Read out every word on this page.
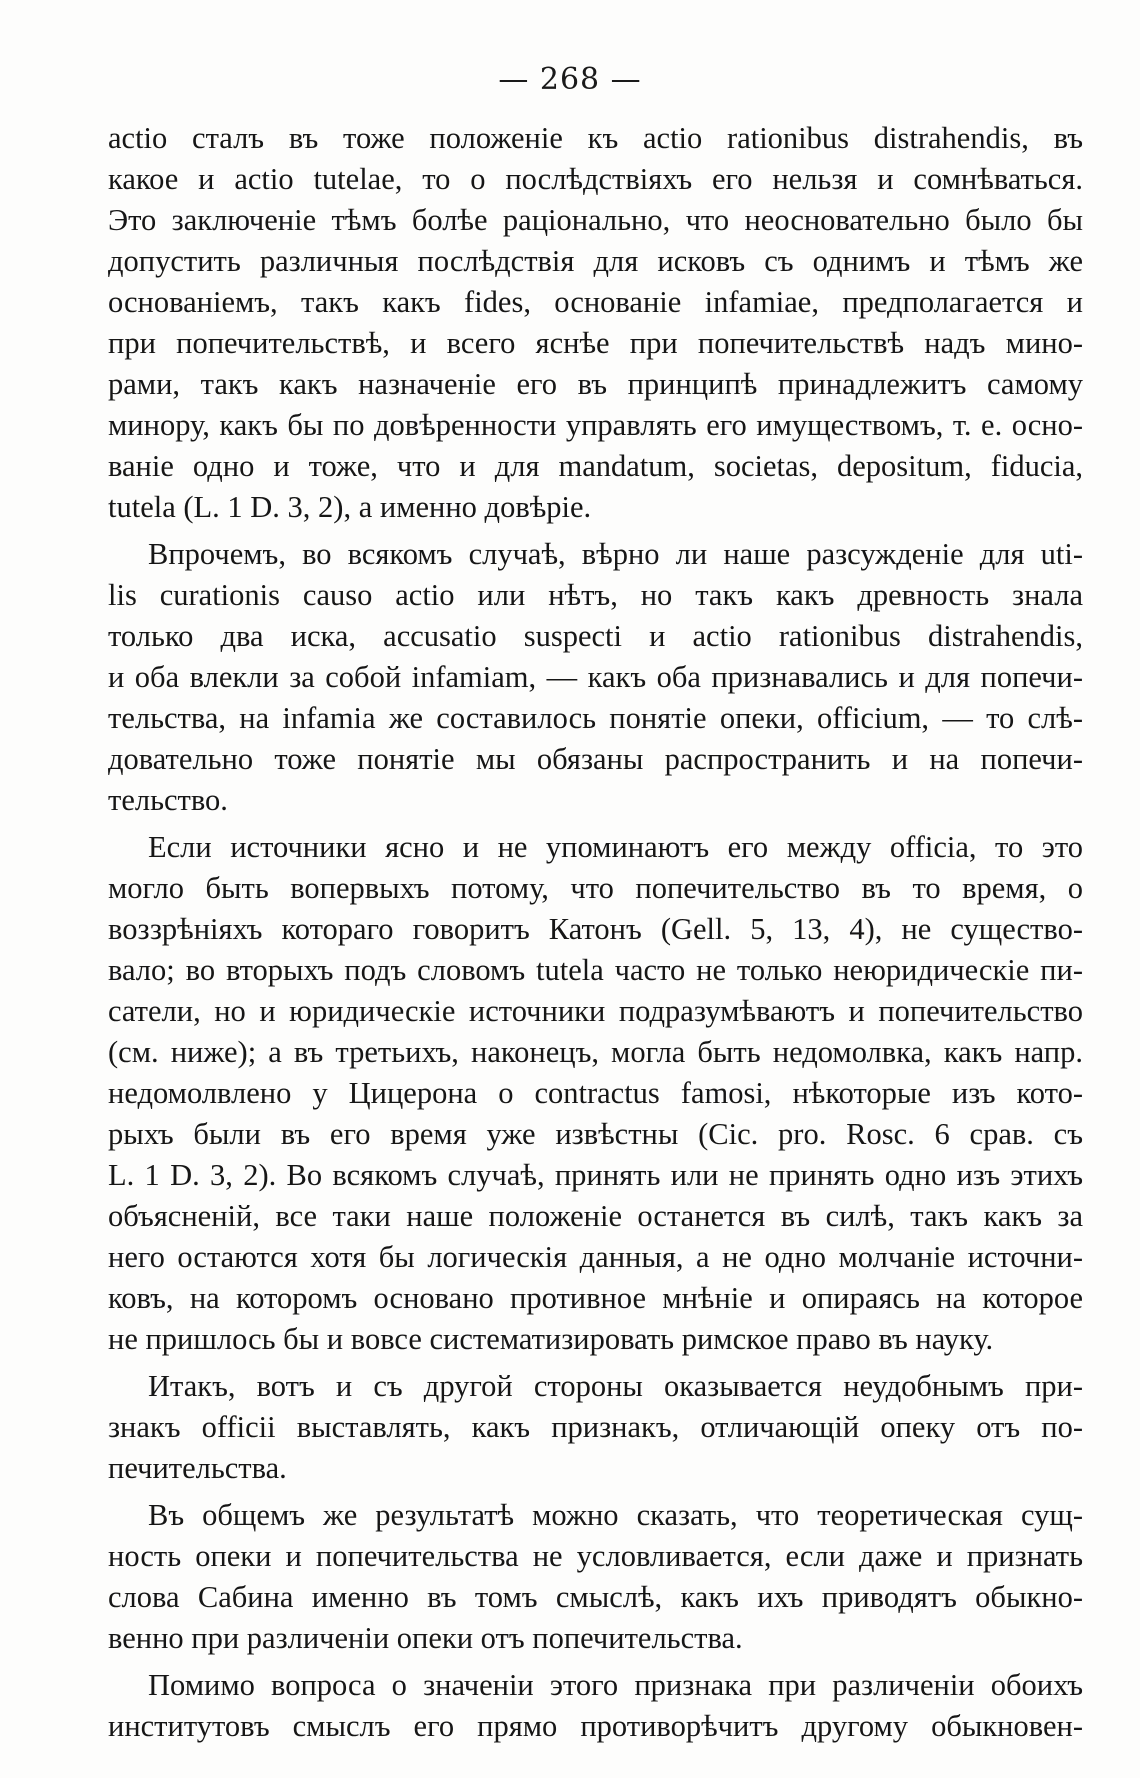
— 268 —
actio сталъ въ тоже положенiе къ actio rationibus distrahendis, въ
какое и actio tutelae, то о послѣдствiяхъ его нельзя и сомнѣваться.
Это заключенiе тѣмъ болѣе рацiонально, что неосновательно было бы
допустить различныя послѣдствiя для исковъ съ однимъ и тѣмъ же
основанiемъ, такъ какъ fides, основанiе infamiae, предполагается и
при попечительствѣ, и всего яснѣе при попечительствѣ надъ мино-
рами, такъ какъ назначенiе его въ принципѣ принадлежитъ самому
минору, какъ бы по довѣренности управлять его имуществомъ, т. е. осно-
ванiе одно и тоже, что и для mandatum, societas, depositum, fiducia,
tutela (L. 1 D. 3, 2), а именно довѣрiе.
Впрочемъ, во всякомъ случаѣ, вѣрно ли наше разсужденiе для uti-
lis curationis causo actio или нѣтъ, но такъ какъ древность знала
только два иска, accusatio suspecti и actio rationibus distrahendis,
и оба влекли за собой infamiam, — какъ оба признавались и для попечи-
тельства, на infamia же составилось понятiе опеки, officium, — то слѣ-
довательно тоже понятiе мы обязаны распространить и на попечи-
тельство.
Если источники ясно и не упоминаютъ его между officia, то это
могло быть вопервыхъ потому, что попечительство въ то время, о
воззрѣнiяхъ котораго говоритъ Катонъ (Gell. 5, 13, 4), не существо-
вало; во вторыхъ подъ словомъ tutela часто не только неюридическiе пи-
сатели, но и юридическiе источники подразумѣваютъ и попечительство
(см. ниже); а въ третьихъ, наконецъ, могла быть недомолвка, какъ напр.
недомолвлено у Цицерона о contractus famosi, нѣкоторые изъ кото-
рыхъ были въ его время уже извѣстны (Cic. pro. Rosc. 6 срав. съ
L. 1 D. 3, 2). Во всякомъ случаѣ, принять или не принять одно изъ этихъ
объясненiй, все таки наше положенiе останется въ силѣ, такъ какъ за
него остаются хотя бы логическiя данныя, а не одно молчанiе источни-
ковъ, на которомъ основано противное мнѣнiе и опираясь на которое
не пришлось бы и вовсе систематизировать римское право въ науку.
Итакъ, вотъ и съ другой стороны оказывается неудобнымъ при-
знакъ officii выставлять, какъ признакъ, отличающiй опеку отъ по-
печительства.
Въ общемъ же результатѣ можно сказать, что теоретическая сущ-
ность опеки и попечительства не условливается, если даже и признать
слова Сабина именно въ томъ смыслѣ, какъ ихъ приводятъ обыкно-
венно при различенiи опеки отъ попечительства.
Помимо вопроса о значенiи этого признака при различенiи обоихъ
институтовъ смыслъ его прямо противорѣчитъ другому обыкновен-
